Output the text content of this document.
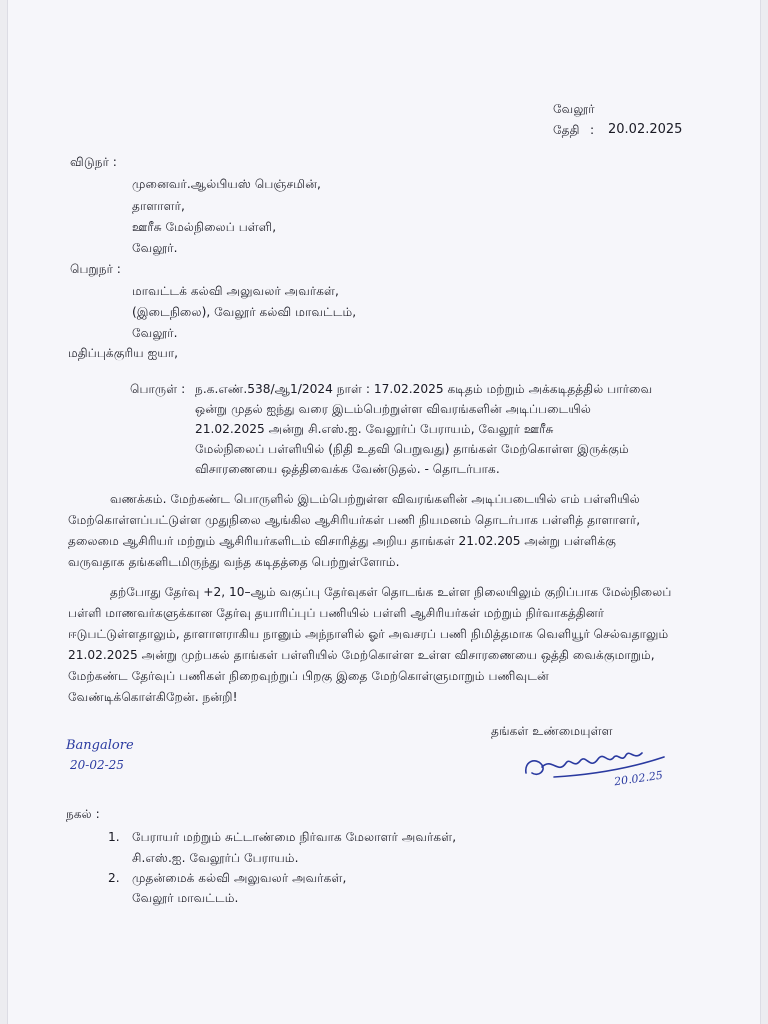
வேலூர்
தேதி : 20.02.2025
விடுநர் :
முனைவர்.ஆல்பியஸ் பெஞ்சமின்,
தாளாளர்,
ஊரீசு மேல்நிலைப் பள்ளி,
வேலூர்.
பெறுநர் :
மாவட்டக் கல்வி அலுவலர் அவர்கள்,
(இடைநிலை), வேலூர் கல்வி மாவட்டம்,
வேலூர்.
மதிப்புக்குரிய ஐயா,
பொருள் : ந.க.எண்.538/ஆ1/2024 நாள் : 17.02.2025 கடிதம் மற்றும் அக்கடிதத்தில் பார்வை
ஒன்று முதல் ஐந்து வரை இடம்பெற்றுள்ள விவரங்களின் அடிப்படையில்
21.02.2025 அன்று சி.எஸ்.ஐ. வேலூர்ப் பேராயம், வேலூர் ஊரீசு
மேல்நிலைப் பள்ளியில் (நிதி உதவி பெறுவது) தாங்கள் மேற்கொள்ள இருக்கும்
விசாரணையை ஒத்திவைக்க வேண்டுதல். - தொடர்பாக.
வணக்கம். மேற்கண்ட பொருளில் இடம்பெற்றுள்ள விவரங்களின் அடிப்படையில் எம் பள்ளியில்
மேற்கொள்ளப்பட்டுள்ள முதுநிலை ஆங்கில ஆசிரியர்கள் பணி நியமனம் தொடர்பாக பள்ளித் தாளாளர்,
தலைமை ஆசிரியர் மற்றும் ஆசிரியர்களிடம் விசாரித்து அறிய தாங்கள் 21.02.205 அன்று பள்ளிக்கு
வருவதாக தங்களிடமிருந்து வந்த கடிதத்தை பெற்றுள்ளோம்.
தற்போது தேர்வு +2, 10–ஆம் வகுப்பு தேர்வுகள் தொடங்க உள்ள நிலையிலும் குறிப்பாக மேல்நிலைப்
பள்ளி மாணவர்களுக்கான தேர்வு தயாரிப்புப் பணியில் பள்ளி ஆசிரியர்கள் மற்றும் நிர்வாகத்தினர்
ஈடுபட்டுள்ளதாலும், தாளாளராகிய நானும் அந்நாளில் ஓர் அவசரப் பணி நிமித்தமாக வெளியூர் செல்வதாலும்
21.02.2025 அன்று முற்பகல் தாங்கள் பள்ளியில் மேற்கொள்ள உள்ள விசாரணையை ஒத்தி வைக்குமாறும்,
மேற்கண்ட தேர்வுப் பணிகள் நிறைவுற்றுப் பிறகு இதை மேற்கொள்ளுமாறும் பணிவுடன்
வேண்டிக்கொள்கிறேன். நன்றி!
தங்கள் உண்மையுள்ள
Bangalore
20-02-25
20.02.25
நகல் :
1. பேராயர் மற்றும் சுட்டாண்மை நிர்வாக மேலாளர் அவர்கள்,
சி.எஸ்.ஐ. வேலூர்ப் பேராயம்.
2. முதன்மைக் கல்வி அலுவலர் அவர்கள்,
வேலூர் மாவட்டம்.
